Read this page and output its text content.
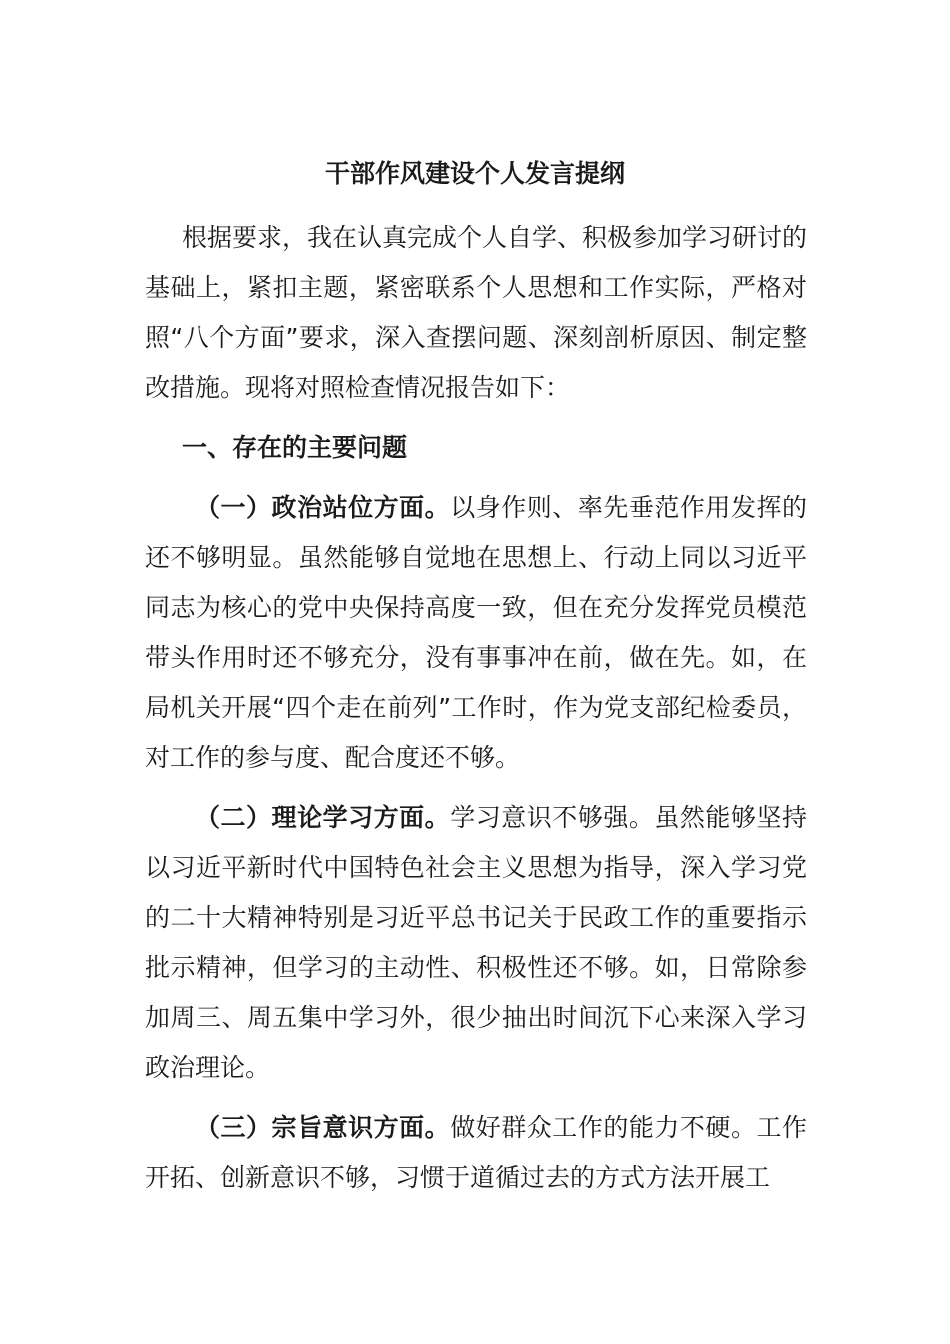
干部作风建设个人发言提纲

根据要求，我在认真完成个人自学、积极参加学习研讨的基础上，紧扣主题，紧密联系个人思想和工作实际，严格对照“八个方面”要求，深入查摆问题、深刻剖析原因、制定整改措施。现将对照检查情况报告如下：

一、存在的主要问题

（一）政治站位方面。以身作则、率先垂范作用发挥的还不够明显。虽然能够自觉地在思想上、行动上同以习近平同志为核心的党中央保持高度一致，但在充分发挥党员模范带头作用时还不够充分，没有事事冲在前，做在先。如，在局机关开展“四个走在前列”工作时，作为党支部纪检委员，对工作的参与度、配合度还不够。

（二）理论学习方面。学习意识不够强。虽然能够坚持以习近平新时代中国特色社会主义思想为指导，深入学习党的二十大精神特别是习近平总书记关于民政工作的重要指示批示精神，但学习的主动性、积极性还不够。如，日常除参加周三、周五集中学习外，很少抽出时间沉下心来深入学习政治理论。

（三）宗旨意识方面。做好群众工作的能力不硬。工作开拓、创新意识不够，习惯于道循过去的方式方法开展工
